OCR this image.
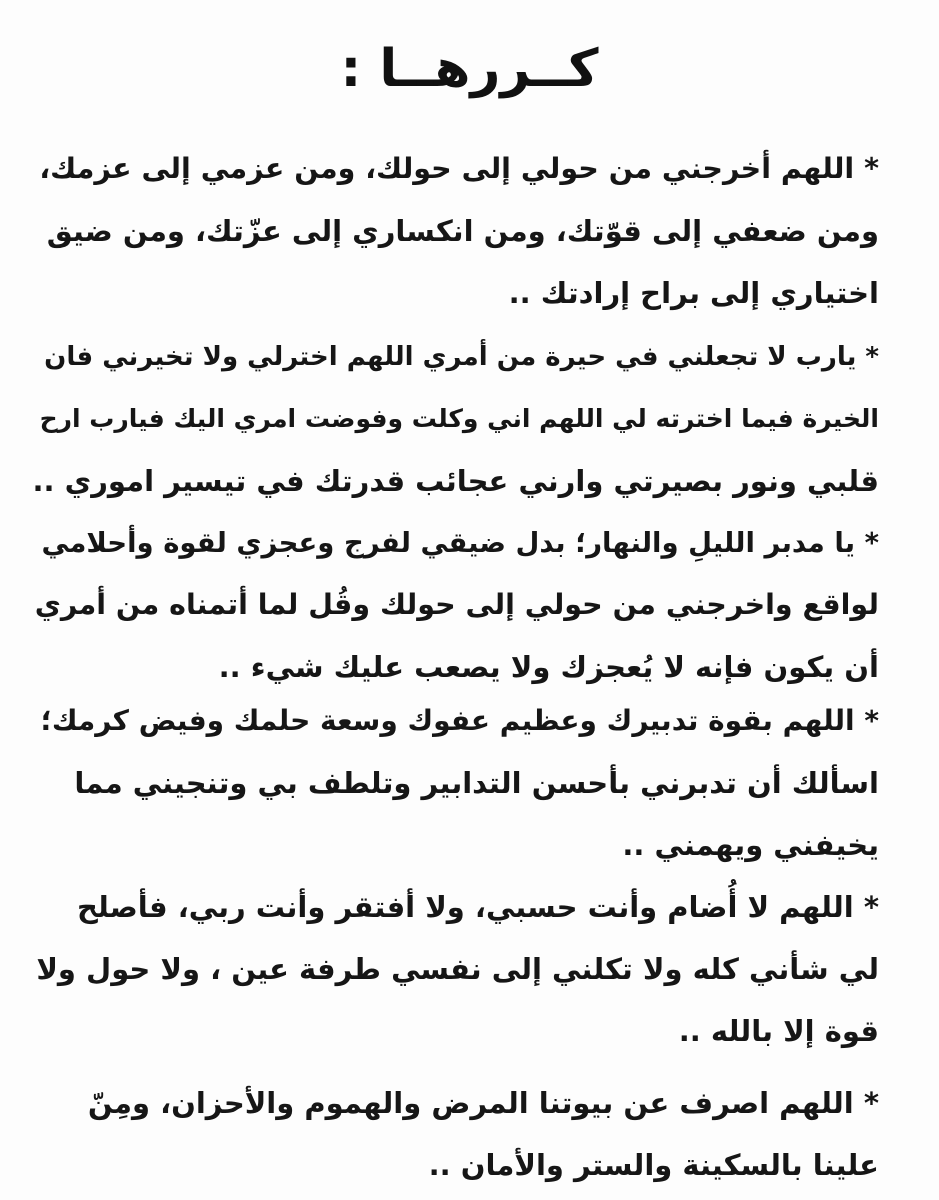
كــررهــا :
* اللهم أخرجني من حولي إلى حولك، ومن عزمي إلى عزمك،
ومن ضعفي إلى قوّتك، ومن انكساري إلى عزّتك، ومن ضيق
اختياري إلى براح إرادتك ..
* يارب لا تجعلني في حيرة من أمري اللهم اخترلي ولا تخيرني فان
الخيرة فيما اخترته لي اللهم اني وكلت وفوضت امري اليك فيارب ارح
قلبي ونور بصيرتي وارني عجائب قدرتك في تيسير اموري ..
* يا مدبر الليلِ والنهار؛ بدل ضيقي لفرج وعجزي لقوة وأحلامي
لواقع واخرجني من حولي إلى حولك وقُل لما أتمناه من أمري
أن يكون فإنه لا يُعجزك ولا يصعب عليك شيء ..
* اللهم بقوة تدبيرك وعظيم عفوك وسعة حلمك وفيض كرمك؛
اسألك أن تدبرني بأحسن التدابير وتلطف بي وتنجيني مما
يخيفني ويهمني ..
* اللهم لا أُضام وأنت حسبي، ولا أفتقر وأنت ربي، فأصلح
لي شأني كله ولا تكلني إلى نفسي طرفة عين ، ولا حول ولا
قوة إلا بالله ..
* اللهم اصرف عن بيوتنا المرض والهموم والأحزان، ومِنّ
علينا بالسكينة والستر والأمان ..
